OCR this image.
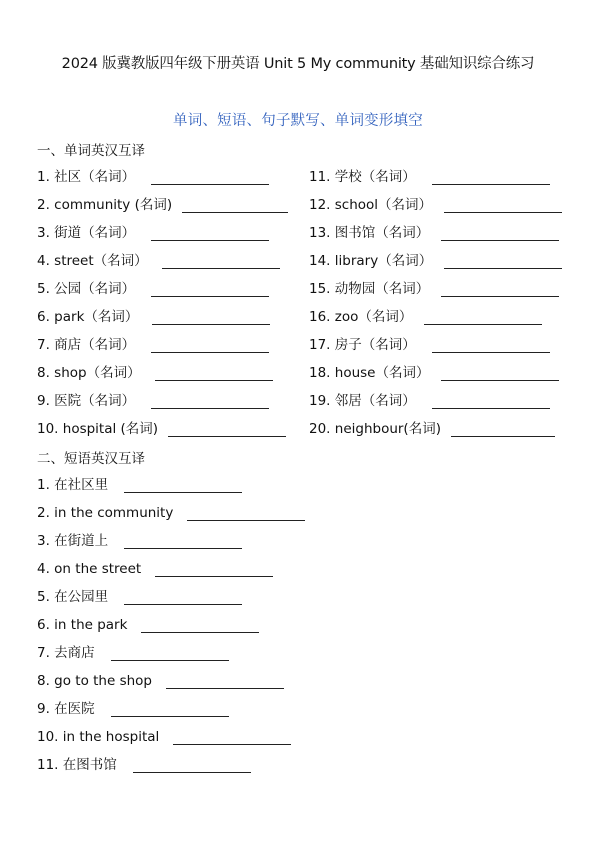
2024 版冀教版四年级下册英语 Unit 5 My community 基础知识综合练习
单词、短语、句子默写、单词变形填空
一、单词英汉互译
1. 社区（名词）
2. community (名词)
3. 街道（名词）
4. street（名词）
5. 公园（名词）
6. park（名词）
7. 商店（名词）
8. shop（名词）
9. 医院（名词）
10. hospital (名词)
11. 学校（名词）
12. school（名词）
13. 图书馆（名词）
14. library（名词）
15. 动物园（名词）
16. zoo（名词）
17. 房子（名词）
18. house（名词）
19. 邻居（名词）
20. neighbour(名词)
二、短语英汉互译
1. 在社区里
2. in the community
3. 在街道上
4. on the street
5. 在公园里
6. in the park
7. 去商店
8. go to the shop
9. 在医院
10. in the hospital
11. 在图书馆
